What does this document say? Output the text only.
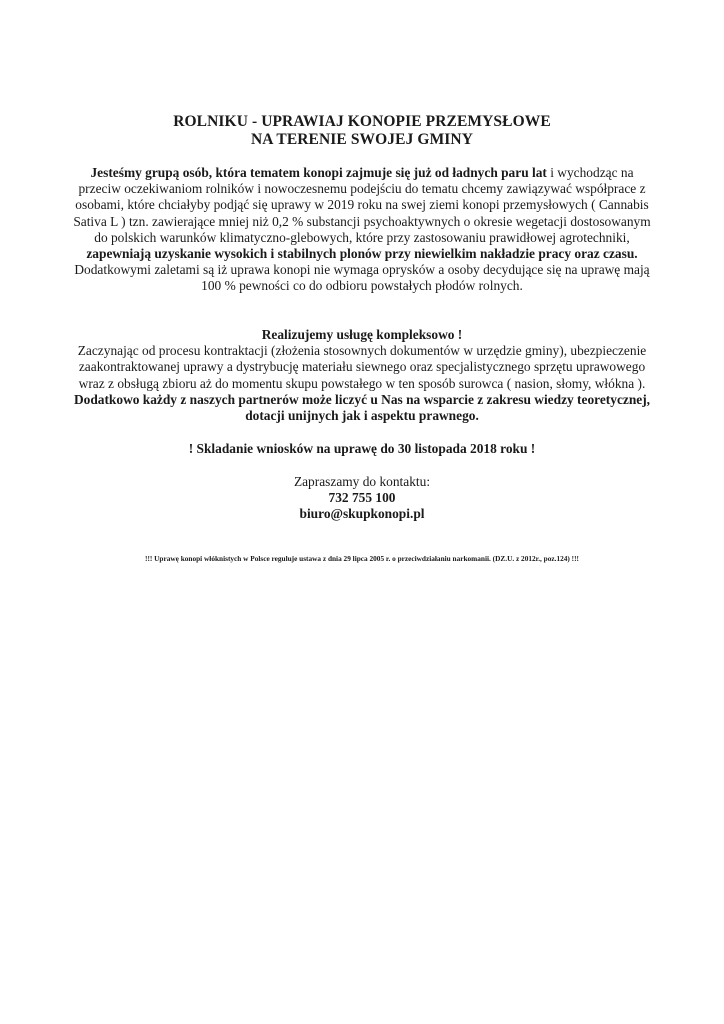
ROLNIKU - UPRAWIAJ KONOPIE PRZEMYSŁOWE
NA TERENIE SWOJEJ GMINY

Jesteśmy grupą osób, która tematem konopi zajmuje się już od ładnych paru lat i wychodząc na przeciw oczekiwaniom rolników i nowoczesnemu podejściu do tematu chcemy zawiązywać współprace z osobami, które chciałyby podjąć się uprawy w 2019 roku na swej ziemi konopi przemysłowych ( Cannabis Sativa L ) tzn. zawierające mniej niż 0,2 % substancji psychoaktywnych o okresie wegetacji dostosowanym do polskich warunków klimatyczno-glebowych, które przy zastosowaniu prawidłowej agrotechniki, zapewniają uzyskanie wysokich i stabilnych plonów przy niewielkim nakładzie pracy oraz czasu.

Dodatkowymi zaletami są iż uprawa konopi nie wymaga oprysków a osoby decydujące się na uprawę mają 100 % pewności co do odbioru powstałych płodów rolnych.

Realizujemy usługę kompleksowo !

Zaczynając od procesu kontraktacji (złożenia stosownych dokumentów w urzędzie gminy), ubezpieczenie zaakontraktowanej uprawy a dystrybucję materiału siewnego oraz specjalistycznego sprzętu uprawowego wraz z obsługą zbioru aż do momentu skupu powstałego w ten sposób surowca ( nasion, słomy, włókna ). Dodatkowo każdy z naszych partnerów może liczyć u Nas na wsparcie z zakresu wiedzy teoretycznej, dotacji unijnych jak i aspektu prawnego.

! Skladanie wniosków na uprawę do 30 listopada 2018 roku !

Zapraszamy do kontaktu:

732 755 100

biuro@skupkonopi.pl

!!! Uprawę konopi włóknistych w Polsce reguluje ustawa z dnia 29 lipca 2005 r. o przeciwdziałaniu narkomanii. (DZ.U. z 2012r., poz.124) !!!
